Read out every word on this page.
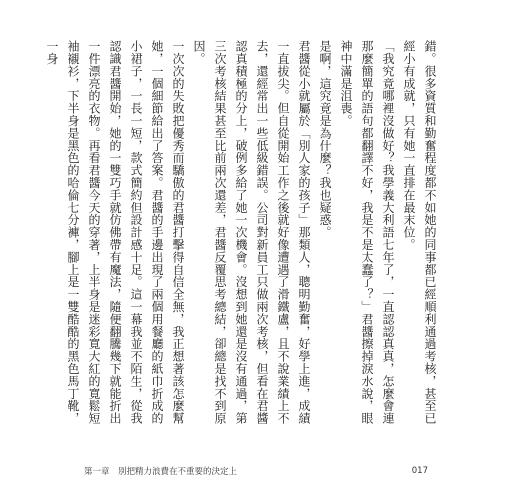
錯。很多資質和勤奮程度都不如她的同事都已經順利通過考核，甚至已經小有成就，只有她一直排在最末位。

「我究竟哪裡沒做好？我學義大利語七年了，一直認認真真，怎麼會連那麼簡單的語句都翻譯不好，我是不是太蠢了？」君醬擦掉淚水說，眼神中滿是沮喪。

是啊，這究竟是為什麼？我也疑惑。

君醬從小就屬於「別人家的孩子」那類人，聰明勤奮，好學上進，成績一直拔尖。但自從開始工作之後就好像遭遇了滑鐵盧，且不說業績上不去，還經常出一些低級錯誤。公司對新員工只做兩次考核，但看在君醬認真積極的分上，破例多給了她一次機會。沒想到她還是沒有通過，第三次考核結果甚至比前兩次還差，君醬反覆思考總結，卻總是找不到原因。

一次次的失敗把優秀而驕傲的君醬打擊得自信全無，我正想著該怎麼幫她，一個細節給出了答案。君醬的手邊出現了兩個用餐廳的紙巾折成的小裙子，一長一短，款式簡約但設計感十足。這一幕我並不陌生，從我認識君醬開始，她的一雙巧手就仿佛帶有魔法，隨便翻騰幾下就能折出一件漂亮的衣物。再看君醬今天的穿著，上半身是迷彩寬大紅的寬鬆短袖襯衫，下半身是黑色的哈倫七分褲，腳上是一雙酷酷的黑色馬丁靴，一身

第一章　別把精力浪費在不重要的決定上	017
